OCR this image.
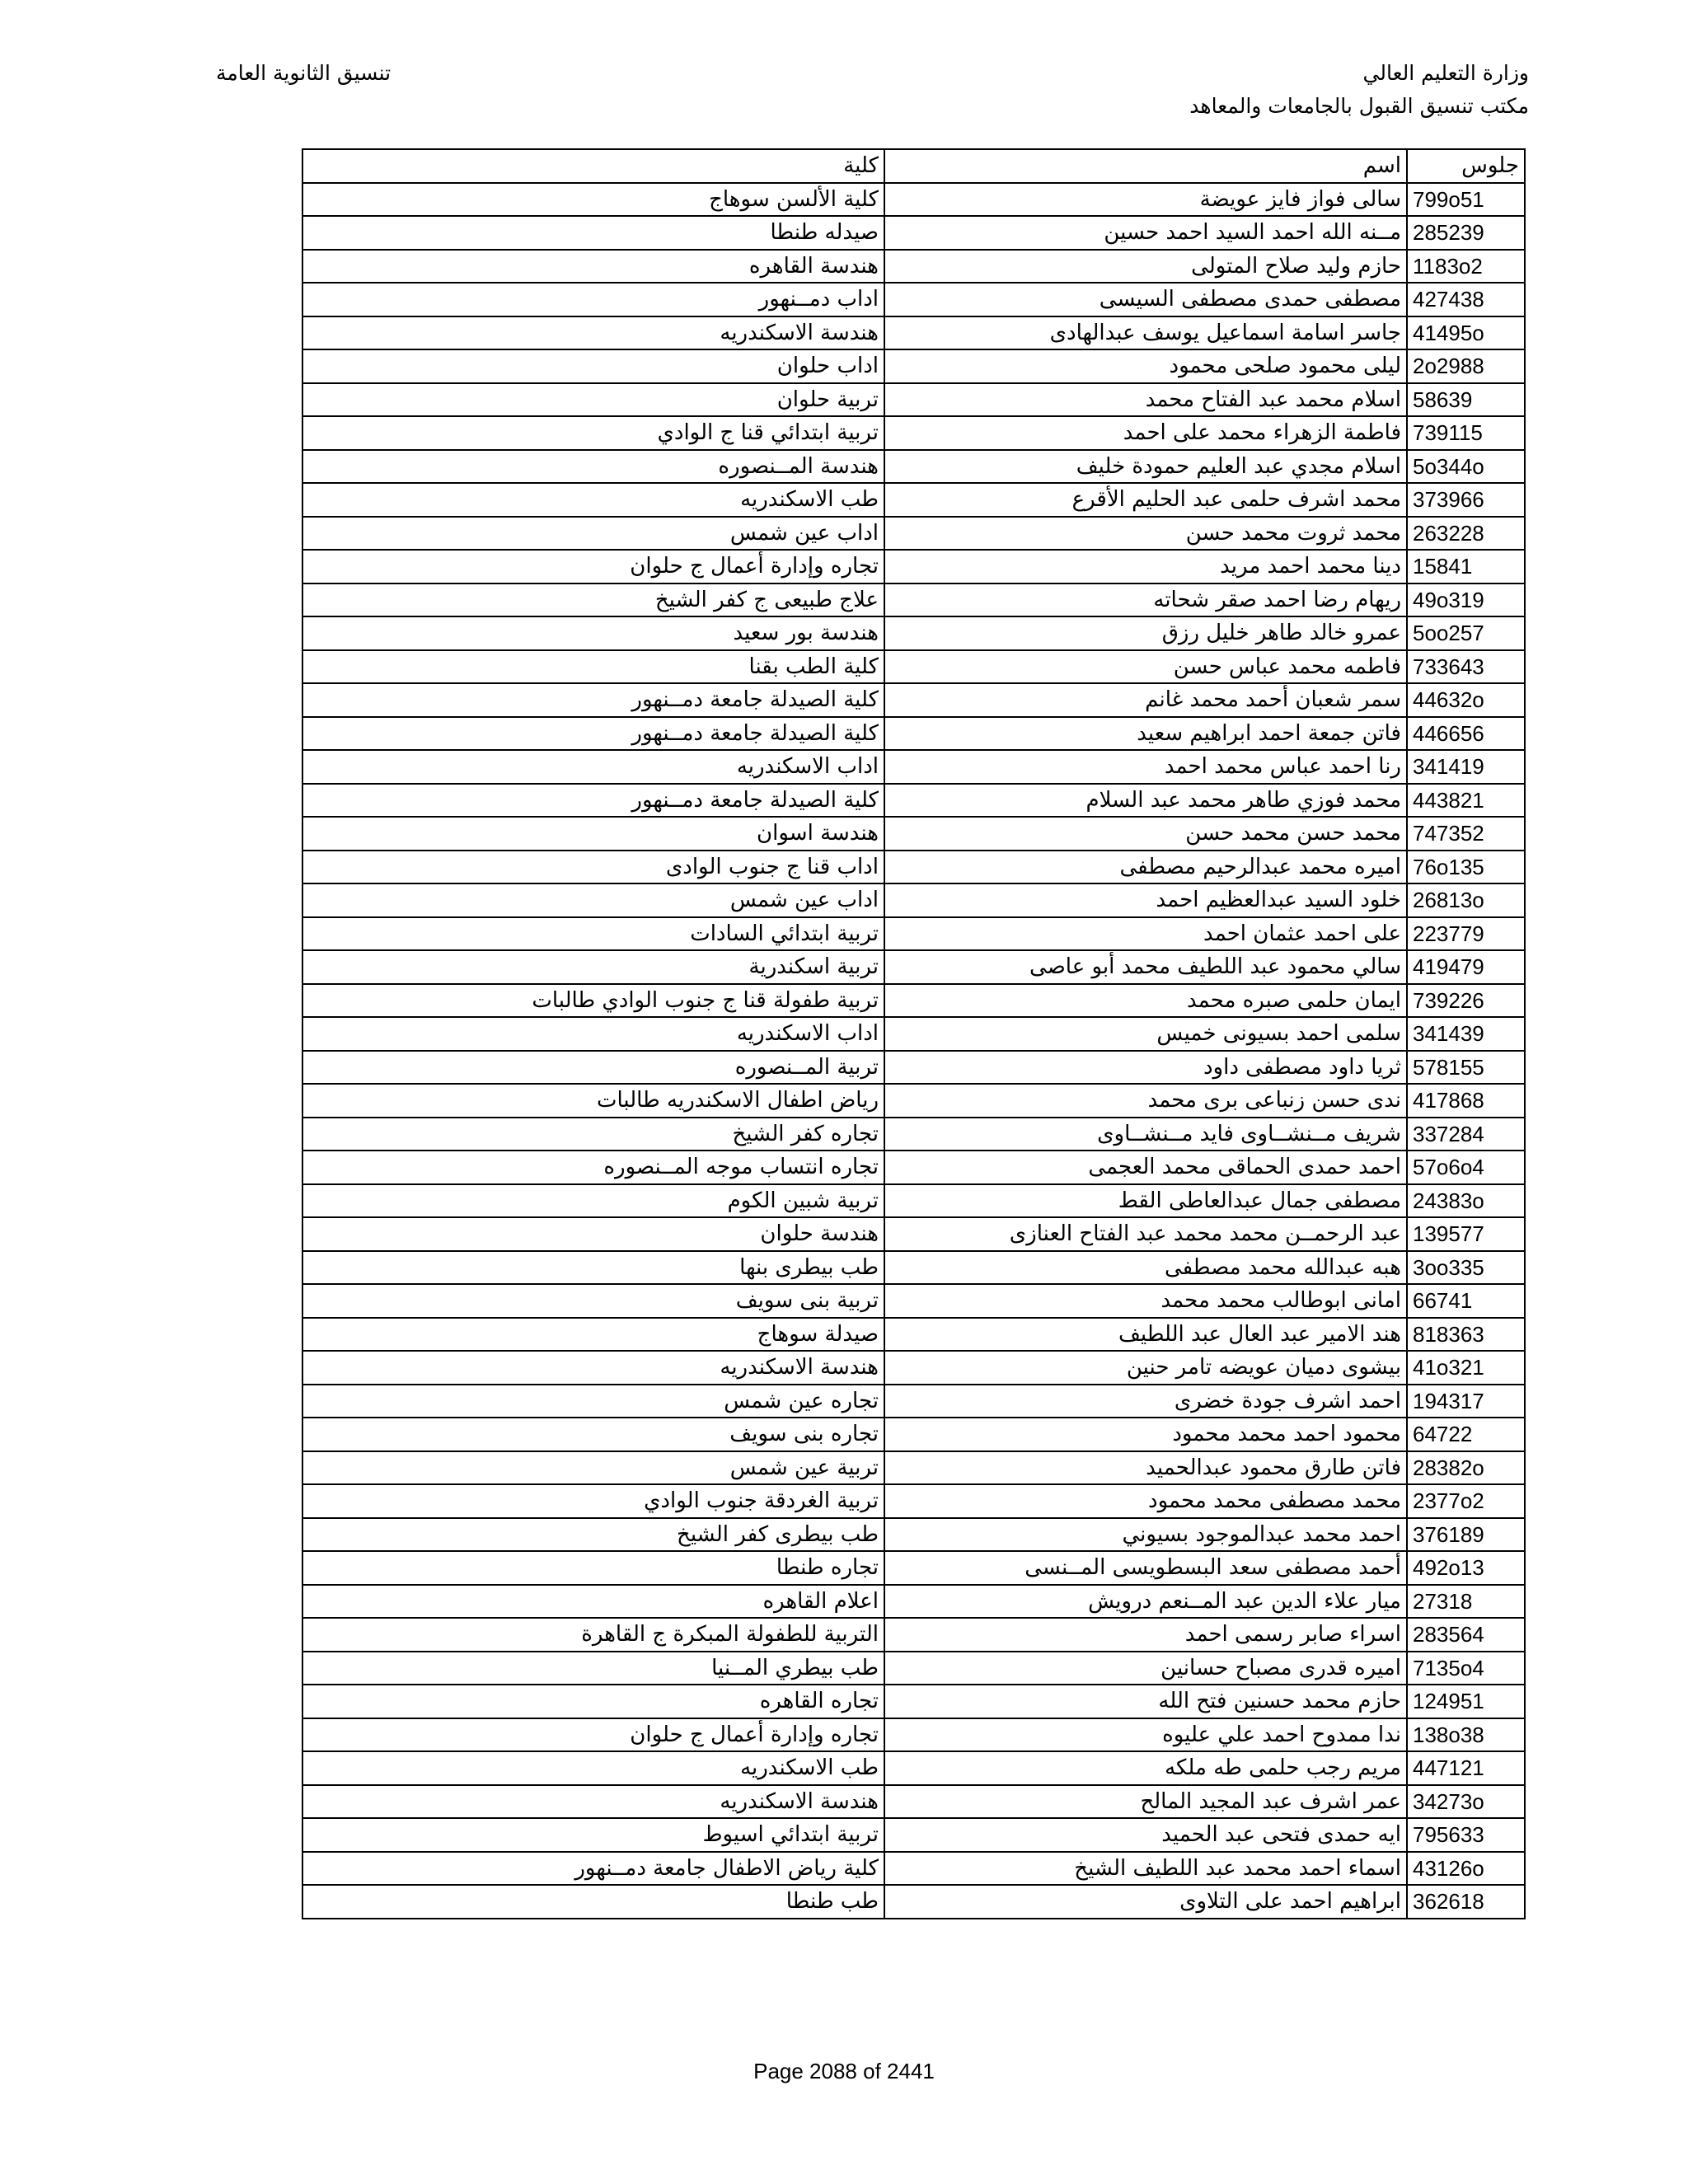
وزارة التعليم العالي
مكتب تنسيق القبول بالجامعات والمعاهد
تنسيق الثانوية العامة
جلوس	اسم	كلية
799o51	سالى فواز فايز عويضة	كلية الألسن سوهاج
285239	مــنه الله احمد السيد احمد حسين	صيدله طنطا
1183o2	حازم وليد صلاح المتولى	هندسة القاهره
427438	مصطفى حمدى مصطفى السيسى	اداب دمــنهور
41495o	جاسر اسامة اسماعيل يوسف عبدالهادى	هندسة الاسكندريه
2o2988	ليلى محمود صلحى محمود	اداب حلوان
58639	اسلام محمد عبد الفتاح محمد	تربية حلوان
739115	فاطمة الزهراء محمد على احمد	تربية ابتدائي قنا ج الوادي
5o344o	اسلام مجدي عبد العليم حمودة خليف	هندسة المــنصوره
373966	محمد اشرف حلمى عبد الحليم الأقرع	طب الاسكندريه
263228	محمد ثروت محمد حسن	اداب عين شمس
15841	دينا محمد احمد مريد	تجاره وإدارة أعمال ج حلوان
49o319	ريهام رضا احمد صقر شحاته	علاج طبيعى ج كفر الشيخ
5oo257	عمرو خالد طاهر خليل رزق	هندسة بور سعيد
733643	فاطمه محمد عباس حسن	كلية الطب بقنا
44632o	سمر شعبان أحمد محمد غانم	كلية الصيدلة جامعة دمــنهور
446656	فاتن جمعة احمد ابراهيم سعيد	كلية الصيدلة جامعة دمــنهور
341419	رنا احمد عباس محمد احمد	اداب الاسكندريه
443821	محمد فوزي طاهر محمد عبد السلام	كلية الصيدلة جامعة دمــنهور
747352	محمد حسن محمد حسن	هندسة اسوان
76o135	اميره محمد عبدالرحيم مصطفى	اداب قنا ج جنوب الوادى
26813o	خلود السيد عبدالعظيم احمد	اداب عين شمس
223779	على احمد عثمان احمد	تربية ابتدائي السادات
419479	سالي محمود عبد اللطيف محمد أبو عاصى	تربية اسكندرية
739226	ايمان حلمى صبره محمد	تربية طفولة قنا ج جنوب الوادي طالبات
341439	سلمى احمد بسيونى خميس	اداب الاسكندريه
578155	ثريا داود مصطفى داود	تربية المــنصوره
417868	ندى حسن زنباعى برى محمد	رياض اطفال الاسكندريه طالبات
337284	شريف مــنشــاوى فايد مــنشــاوى	تجاره كفر الشيخ
57o6o4	احمد حمدى الحماقى محمد العجمى	تجاره انتساب موجه المــنصوره
24383o	مصطفى جمال عبدالعاطى القط	تربية شبين الكوم
139577	عبد الرحمــن محمد محمد عبد الفتاح العنازى	هندسة حلوان
3oo335	هبه عبدالله محمد مصطفى	طب بيطرى بنها
66741	امانى ابوطالب محمد محمد	تربية بنى سويف
818363	هند الامير عبد العال عبد اللطيف	صيدلة سوهاج
41o321	بيشوى دميان عويضه تامر حنين	هندسة الاسكندريه
194317	احمد اشرف جودة خضرى	تجاره عين شمس
64722	محمود احمد محمد محمود	تجاره بنى سويف
28382o	فاتن طارق محمود عبدالحميد	تربية عين شمس
2377o2	محمد مصطفى محمد محمود	تربية الغردقة جنوب الوادي
376189	احمد محمد عبدالموجود بسيوني	طب بيطرى كفر الشيخ
492o13	أحمد مصطفى سعد البسطويسى المــنسى	تجاره طنطا
27318	ميار علاء الدين عبد المــنعم درويش	اعلام القاهره
283564	اسراء صابر رسمى احمد	التربية للطفولة المبكرة ج القاهرة
7135o4	اميره قدرى مصباح حسانين	طب بيطري المــنيا
124951	حازم محمد حسنين فتح الله	تجاره القاهره
138o38	ندا ممدوح احمد علي عليوه	تجاره وإدارة أعمال ج حلوان
447121	مريم رجب حلمى طه ملكه	طب الاسكندريه
34273o	عمر اشرف عبد المجيد المالح	هندسة الاسكندريه
795633	ايه حمدى فتحى عبد الحميد	تربية ابتدائي اسيوط
43126o	اسماء احمد محمد عبد اللطيف الشيخ	كلية رياض الاطفال جامعة دمــنهور
362618	ابراهيم احمد على التلاوى	طب طنطا
Page 2088 of 2441
